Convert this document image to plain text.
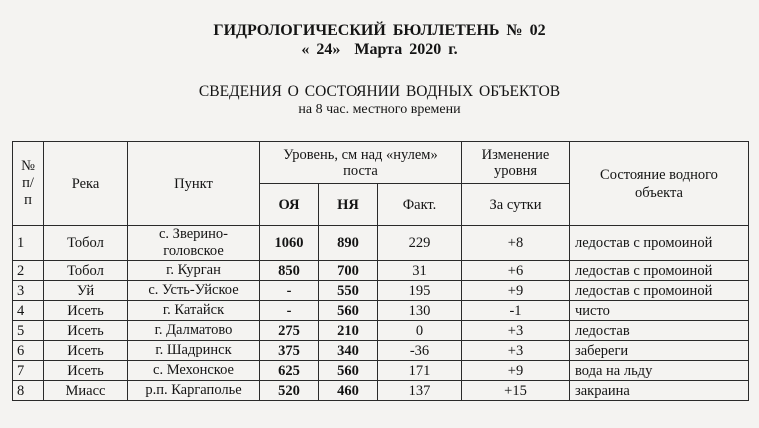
ГИДРОЛОГИЧЕСКИЙ БЮЛЛЕТЕНЬ № 02
« 24» Марта 2020 г.
СВЕДЕНИЯ О СОСТОЯНИИ ВОДНЫХ ОБЪЕКТОВ
на 8 час. местного времени
№ п/ п	Река	Пункт	Уровень, см над «нулем» поста			Изменение уровня	Состояние водного объекта
			ОЯ	НЯ	Факт.	За сутки	
1	Тобол	с. Зверино-головское	1060	890	229	+8	ледостав с промоиной
2	Тобол	г. Курган	850	700	31	+6	ледостав с промоиной
3	Уй	с. Усть-Уйское	-	550	195	+9	ледостав с промоиной
4	Исеть	г. Катайск	-	560	130	-1	чисто
5	Исеть	г. Далматово	275	210	0	+3	ледостав
6	Исеть	г. Шадринск	375	340	-36	+3	забереги
7	Исеть	с. Мехонское	625	560	171	+9	вода на льду
8	Миасс	р.п. Каргаполье	520	460	137	+15	закраина
